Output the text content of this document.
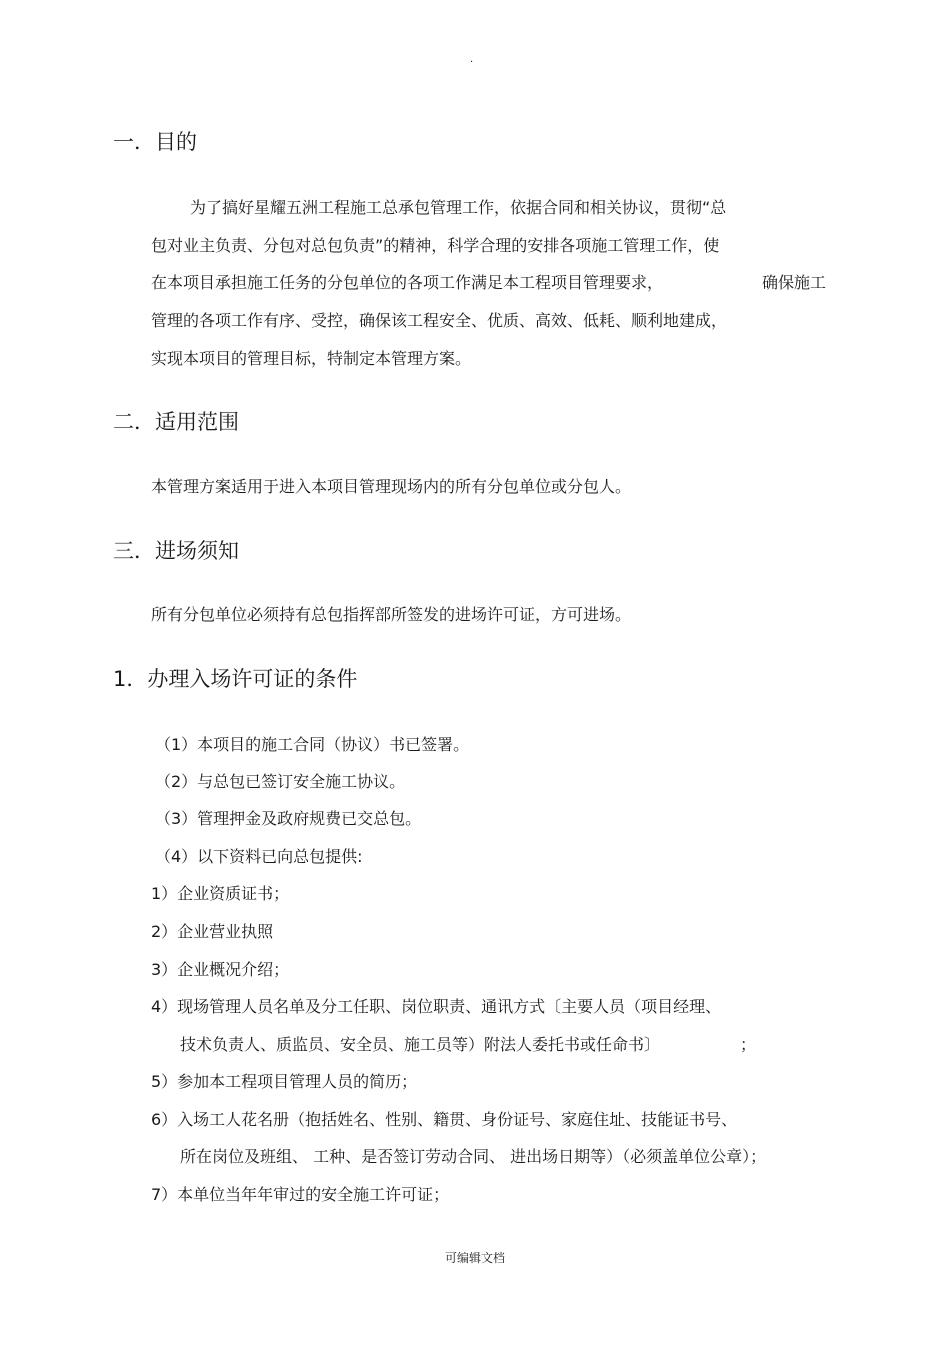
.
一．目的
为了搞好星耀五洲工程施工总承包管理工作，依据合同和相关协议，贯彻“总
包对业主负责、分包对总包负责”的精神，科学合理的安排各项施工管理工作，使
在本项目承担施工任务的分包单位的各项工作满足本工程项目管理要求，	确保施工
管理的各项工作有序、受控，确保该工程安全、优质、高效、低耗、顺利地建成，
实现本项目的管理目标，特制定本管理方案。
二．适用范围
本管理方案适用于进入本项目管理现场内的所有分包单位或分包人。
三．进场须知
所有分包单位必须持有总包指挥部所签发的进场许可证，方可进场。
1．办理入场许可证的条件
（1）本项目的施工合同（协议）书已签署。
（2）与总包已签订安全施工协议。
（3）管理押金及政府规费已交总包。
（4）以下资料已向总包提供:
1）企业资质证书；
2）企业营业执照
3）企业概况介绍；
4）现场管理人员名单及分工任职、岗位职责、通讯方式〔主要人员（项目经理、
技术负责人、质监员、安全员、施工员等）附法人委托书或任命书〕	；
5）参加本工程项目管理人员的简历；
6）入场工人花名册（抱括姓名、性别、籍贯、身份证号、家庭住址、技能证书号、
所在岗位及班组、 工种、是否签订劳动合同、 进出场日期等）（必须盖单位公章）；
7）本单位当年年审过的安全施工许可证；
可编辑文档
